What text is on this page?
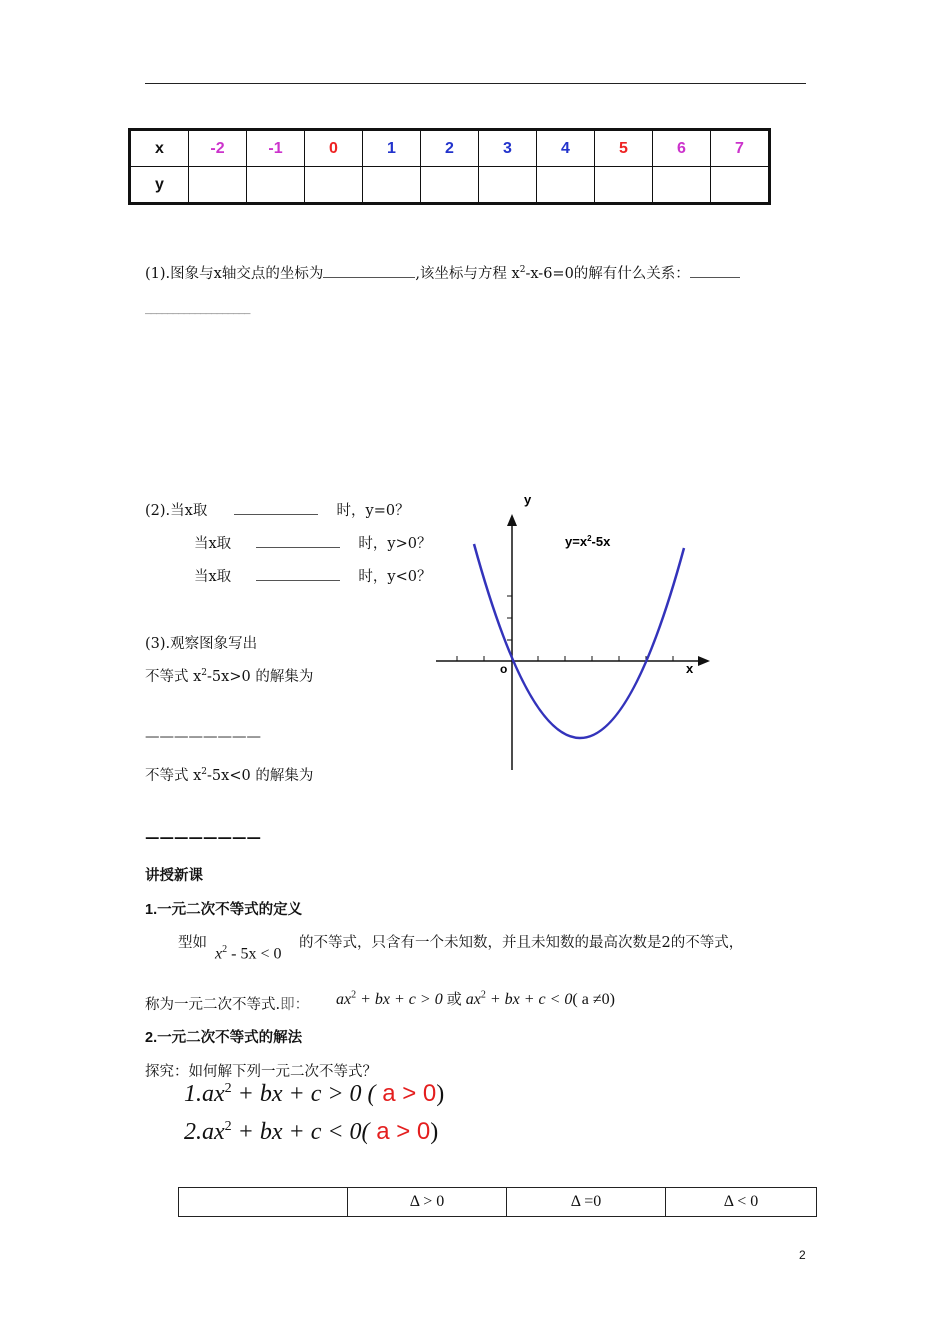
x	-2	-1	0	1	2	3	4	5	6	7
y										
(1).图象与x轴交点的坐标为	,该坐标与方程 $x^2-x-6=0$的解有什么关系：
___________________
(2).当x取	时，y=0？
当x取	时，y>0？
当x取	时，y<0？
(3).观察图象写出
不等式 $x^2-5x>0$ 的解集为
————————
不等式 $x^2-5x<0$ 的解集为
————————
y
x
o
$y=x^2-5x$
讲授新课
1.一元二次不等式的定义
型如
$x^2 - 5x < 0$
的不等式，只含有一个未知数，并且未知数的最高次数是2的不等式，
称为一元二次不等式.即： $ax^2$ + bx + c > 0 或 $ax^2$ + bx + c < 0( a ≠0)
2.一元二次不等式的解法
探究：如何解下列一元二次不等式？
$1.ax^2$ + bx + c > 0 ( a > 0)
$2.ax^2$ + bx + c < 0( a > 0)
	Δ > 0	Δ =0	Δ < 0
2
